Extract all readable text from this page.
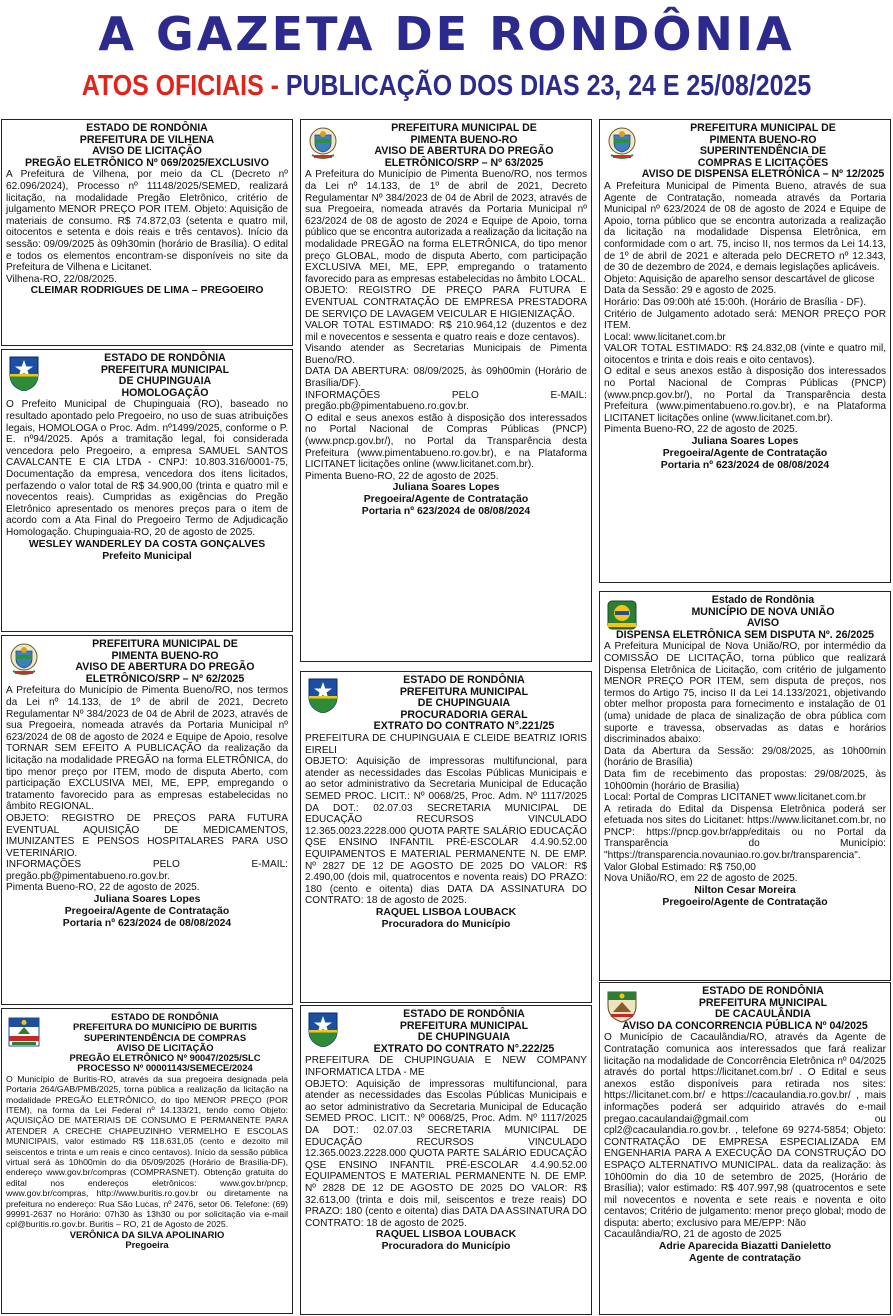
A GAZETA DE RONDÔNIA
ATOS OFICIAIS - PUBLICAÇÃO DOS DIAS 23, 24 E 25/08/2025
ESTADO DE RONDÔNIA
PREFEITURA DE VILHENA
AVISO DE LICITAÇÃO
PREGÃO ELETRÔNICO Nº 069/2025/EXCLUSIVO

A Prefeitura de Vilhena, por meio da CL (Decreto nº 62.096/2024), Processo nº 11148/2025/SEMED, realizará licitação, na modalidade Pregão Eletrônico, critério de julgamento MENOR PREÇO POR ITEM. Objeto: Aquisição de materiais de consumo. R$ 74.872,03 (setenta e quatro mil, oitocentos e setenta e dois reais e três centavos). Início da sessão: 09/09/2025 às 09h30min (horário de Brasília). O edital e todos os elementos encontram-se disponíveis no site da Prefeitura de Vilhena e Licitanet.

Vilhena-RO, 22/08/2025.

CLEIMAR RODRIGUES DE LIMA – PREGOEIRO
ESTADO DE RONDÔNIA
PREFEITURA MUNICIPAL
DE CHUPINGUAIA
HOMOLOGAÇÃO

O Prefeito Municipal de Chupinguaia (RO), baseado no resultado apontado pelo Pregoeiro, no uso de suas atribuições legais, HOMOLOGA o Proc. Adm. nº1499/2025, conforme o P. E. nº94/2025. Após a tramitação legal, foi considerada vencedora pelo Pregoeiro, a empresa SAMUEL SANTOS CAVALCANTE E CIA LTDA - CNPJ: 10.803.316/0001-75, Documentação da empresa, vencedora dos itens licitados, perfazendo o valor total de R$ 34.900,00 (trinta e quatro mil e novecentos reais). Cumpridas as exigências do Pregão Eletrônico apresentado os menores preços para o item de acordo com a Ata Final do Pregoeiro Termo de Adjudicação Homologação. Chupinguaia-RO, 20 de agosto de 2025.

WESLEY WANDERLEY DA COSTA GONÇALVES
Prefeito Municipal
PREFEITURA MUNICIPAL DE
PIMENTA BUENO-RO
AVISO DE ABERTURA DO PREGÃO
ELETRÔNICO/SRP – Nº 62/2025

A Prefeitura do Município de Pimenta Bueno/RO, nos termos da Lei nº 14.133, de 1º de abril de 2021, Decreto Regulamentar Nº 384/2023 de 04 de Abril de 2023, através de sua Pregoeira, nomeada através da Portaria Municipal nº 623/2024 de 08 de agosto de 2024 e Equipe de Apoio, resolve TORNAR SEM EFEITO A PUBLICAÇÃO da realização da licitação na modalidade PREGÃO na forma ELETRÔNICA, do tipo menor preço por ITEM, modo de disputa Aberto, com participação EXCLUSIVA MEI, ME, EPP, empregando o tratamento favorecido para as empresas estabelecidas no âmbito REGIONAL.

OBJETO: REGISTRO DE PREÇOS PARA FUTURA EVENTUAL AQUISIÇÃO DE MEDICAMENTOS, IMUNIZANTES E PENSOS HOSPITALARES PARA USO VETERINÁRIO.

INFORMAÇÕES PELO E-MAIL: pregão.pb@pimentabueno.ro.gov.br.

Pimenta Bueno-RO, 22 de agosto de 2025.

Juliana Soares Lopes
Pregoeira/Agente de Contratação
Portaria nº 623/2024 de 08/08/2024
ESTADO DE RONDÔNIA
PREFEITURA DO MUNICÍPIO DE BURITIS
SUPERINTENDÊNCIA DE COMPRAS
AVISO DE LICITAÇÃO
PREGÃO ELETRÔNICO Nº 90047/2025/SLC
PROCESSO Nº 00001143/SEMECE/2024

O Município de Buritis-RO, através da sua pregoeira designada pela Portaria 264/GAB/PMB/2025, torna pública a realização da licitação na modalidade PREGÃO ELETRÔNICO, do tipo MENOR PREÇO (POR ITEM), na forma da Lei Federal nº 14.133/21, tendo como Objeto: AQUISIÇÃO DE MATERIAIS DE CONSUMO E PERMANENTE PARA ATENDER A CRECHE CHAPEUZINHO VERMELHO E ESCOLAS MUNICIPAIS, valor estimado R$ 118.631,05 (cento e dezoito mil seiscentos e trinta e um reais e cinco centavos). Início da sessão pública virtual será às 10h00min do dia 05/09/2025 (Horário de Brasília-DF), endereço www.gov.br/compras (COMPRASNET). Obtenção gratuita do edital nos endereços eletrônicos: www.gov.br/pncp, www.gov.br/compras, http://www.buritis.ro.gov.br ou diretamente na prefeitura no endereço: Rua São Lucas, nº 2476, setor 06. Telefone: (69) 99991-2637 no Horário: 07h30 às 13h30 ou por solicitação via e-mail cpl@buritis.ro.gov.br. Buritis – RO, 21 de Agosto de 2025.

VERÔNICA DA SILVA APOLINARIO
Pregoeira
PREFEITURA MUNICIPAL DE
PIMENTA BUENO-RO
AVISO DE ABERTURA DO PREGÃO
ELETRÔNICO/SRP – Nº 63/2025

A Prefeitura do Município de Pimenta Bueno/RO, nos termos da Lei nº 14.133, de 1º de abril de 2021, Decreto Regulamentar Nº 384/2023 de 04 de Abril de 2023, através de sua Pregoeira, nomeada através da Portaria Municipal nº 623/2024 de 08 de agosto de 2024 e Equipe de Apoio, torna público que se encontra autorizada a realização da licitação na modalidade PREGÃO na forma ELETRÔNICA, do tipo menor preço GLOBAL, modo de disputa Aberto, com participação EXCLUSIVA MEI, ME, EPP, empregando o tratamento favorecido para as empresas estabelecidas no âmbito LOCAL.

OBJETO: REGISTRO DE PREÇO PARA FUTURA E EVENTUAL CONTRATAÇÃO DE EMPRESA PRESTADORA DE SERVIÇO DE LAVAGEM VEICULAR E HIGIENIZAÇÃO.

VALOR TOTAL ESTIMADO: R$ 210.964,12 (duzentos e dez mil e novecentos e sessenta e quatro reais e doze centavos).

Visando atender as Secretarias Municipais de Pimenta Bueno/RO.

DATA DA ABERTURA: 08/09/2025, às 09h00min (Horário de Brasília/DF).

INFORMAÇÕES PELO E-MAIL: pregão.pb@pimentabueno.ro.gov.br.

O edital e seus anexos estão à disposição dos interessados no Portal Nacional de Compras Públicas (PNCP) (www.pncp.gov.br/), no Portal da Transparência desta Prefeitura (www.pimentabueno.ro.gov.br), e na Plataforma LICITANET licitações online (www.licitanet.com.br).

Pimenta Bueno-RO, 22 de agosto de 2025.

Juliana Soares Lopes
Pregoeira/Agente de Contratação
Portaria nº 623/2024 de 08/08/2024
ESTADO DE RONDÔNIA
PREFEITURA MUNICIPAL
DE CHUPINGUAIA
PROCURADORIA GERAL
EXTRATO DO CONTRATO N°.221/25

PREFEITURA DE CHUPINGUAIA E CLEIDE BEATRIZ IORIS EIRELI

OBJETO: Aquisição de impressoras multifuncional, para atender as necessidades das Escolas Públicas Municipais e ao setor administrativo da Secretaria Municipal de Educação SEMED PROC. LICIT.: Nº 0068/25, Proc. Adm. Nº 1117/2025 DA DOT.: 02.07.03 SECRETARIA MUNICIPAL DE EDUCAÇÃO RECURSOS VINCULADO 12.365.0023.2228.000 QUOTA PARTE SALÁRIO EDUCAÇÃO QSE ENSINO INFANTIL PRÉ-ESCOLAR 4.4.90.52.00 EQUIPAMENTOS E MATERIAL PERMANENTE N. DE EMP. Nº 2827 DE 12 DE AGOSTO DE 2025 DO VALOR: R$ 2.490,00 (dois mil, quatrocentos e noventa reais) DO PRAZO: 180 (cento e oitenta) dias DATA DA ASSINATURA DO CONTRATO: 18 de agosto de 2025.

RAQUEL LISBOA LOUBACK
Procuradora do Município
ESTADO DE RONDÔNIA
PREFEITURA MUNICIPAL
DE CHUPINGUAIA
EXTRATO DO CONTRATO N°.222/25

PREFEITURA DE CHUPINGUAIA E NEW COMPANY INFORMATICA LTDA - ME

OBJETO: Aquisição de impressoras multifuncional, para atender as necessidades das Escolas Públicas Municipais e ao setor administrativo da Secretaria Municipal de Educação SEMED PROC. LICIT.: Nº 0068/25, Proc. Adm. Nº 1117/2025 DA DOT.: 02.07.03 SECRETARIA MUNICIPAL DE EDUCAÇÃO RECURSOS VINCULADO 12.365.0023.2228.000 QUOTA PARTE SALÁRIO EDUCAÇÃO QSE ENSINO INFANTIL PRÉ-ESCOLAR 4.4.90.52.00 EQUIPAMENTOS E MATERIAL PERMANENTE N. DE EMP. Nº 2828 DE 12 DE AGOSTO DE 2025 DO VALOR: R$ 32.613,00 (trinta e dois mil, seiscentos e treze reais) DO PRAZO: 180 (cento e oitenta) dias DATA DA ASSINATURA DO CONTRATO: 18 de agosto de 2025.

RAQUEL LISBOA LOUBACK
Procuradora do Município
PREFEITURA MUNICIPAL DE
PIMENTA BUENO-RO
SUPERINTENDÊNCIA DE
COMPRAS E LICITAÇÕES
AVISO DE DISPENSA ELETRÔNICA – Nº 12/2025

A Prefeitura Municipal de Pimenta Bueno, através de sua Agente de Contratação, nomeada através da Portaria Municipal nº 623/2024 de 08 de agosto de 2024 e Equipe de Apoio, torna público que se encontra autorizada a realização da licitação na modalidade Dispensa Eletrônica, em conformidade com o art. 75, inciso II, nos termos da Lei 14.13, de 1º de abril de 2021 e alterada pelo DECRETO nº 12.343, de 30 de dezembro de 2024, e demais legislações aplicáveis.

Objeto: Aquisição de aparelho sensor descartável de glicose

Data da Sessão: 29 e agosto de 2025.

Horário: Das 09:00h até 15:00h. (Horário de Brasília - DF).

Critério de Julgamento adotado será: MENOR PREÇO POR ITEM.

Local: www.licitanet.com.br

VALOR TOTAL ESTIMADO: R$ 24.832,08 (vinte e quatro mil, oitocentos e trinta e dois reais e oito centavos).

O edital e seus anexos estão à disposição dos interessados no Portal Nacional de Compras Públicas (PNCP) (www.pncp.gov.br/), no Portal da Transparência desta Prefeitura (www.pimentabueno.ro.gov.br), e na Plataforma LICITANET licitações online (www.licitanet.com.br).

Pimenta Bueno-RO, 22 de agosto de 2025.

Juliana Soares Lopes
Pregoeira/Agente de Contratação
Portaria nº 623/2024 de 08/08/2024
Estado de Rondônia
MUNICÍPIO DE NOVA UNIÃO
AVISO
DISPENSA ELETRÔNICA SEM DISPUTA Nº. 26/2025

A Prefeitura Municipal de Nova União/RO, por intermédio da COMISSÃO DE LICITAÇÃO, torna público que realizará Dispensa Eletrônica de Licitação, com critério de julgamento MENOR PREÇO POR ITEM, sem disputa de preços, nos termos do Artigo 75, inciso II da Lei 14.133/2021, objetivando obter melhor proposta para fornecimento e instalação de 01 (uma) unidade de placa de sinalização de obra pública com suporte e travessa, observadas as datas e horários discriminados abaixo:

Data da Abertura da Sessão: 29/08/2025, as 10h00min (horário de Brasília)

Data fim de recebimento das propostas: 29/08/2025, às 10h00min (horário de Brasilia)

Local: Portal de Compras LICITANET www.licitanet.com.br

A retirada do Edital da Dispensa Eletrônica poderá ser efetuada nos sites do Licitanet: https://www.licitanet.com.br, no PNCP: https://pncp.gov.br/app/editais ou no Portal da Transparência do Município: "https://transparencia.novauniao.ro.gov.br/transparencia".

Valor Global Estimado: R$ 750,00

Nova União/RO, em 22 de agosto de 2025.

Nilton Cesar Moreira
Pregoeiro/Agente de Contratação
ESTADO DE RONDÔNIA
PREFEITURA MUNICIPAL
DE CACAULÂNDIA
AVISO DA CONCORRENCIA PÚBLICA Nº 04/2025

O Município de Cacaulândia/RO, através da Agente de Contratação comunica aos interessados que fará realizar licitação na modalidade de Concorrência Eletrônica nº 04/2025 através do portal https://licitanet.com.br/ . O Edital e seus anexos estão disponíveis para retirada nos sites: https://licitanet.com.br/ e https://cacaulandia.ro.gov.br/ , mais informações poderá ser adquirido através do e-mail pregao.cacaulandai@gmail.com ou cpl2@cacaulandia.ro.gov.br. , telefone 69 9274-5854; Objeto: CONTRATAÇÃO DE EMPRESA ESPECIALIZADA EM ENGENHARIA PARA A EXECUÇÃO DA CONSTRUÇÃO DO ESPAÇO ALTERNATIVO MUNICIPAL. data da realização: às 10h00min do dia 10 de setembro de 2025, (Horário de Brasília); valor estimado: R$ 407.997,98 (quatrocentos e sete mil novecentos e noventa e sete reais e noventa e oito centavos; Critério de julgamento: menor preço global; modo de disputa: aberto; exclusivo para ME/EPP: Não

Cacaulândia/RO, 21 de agosto de 2025

Adrie Aparecida Biazatti Danieletto
Agente de contratação
